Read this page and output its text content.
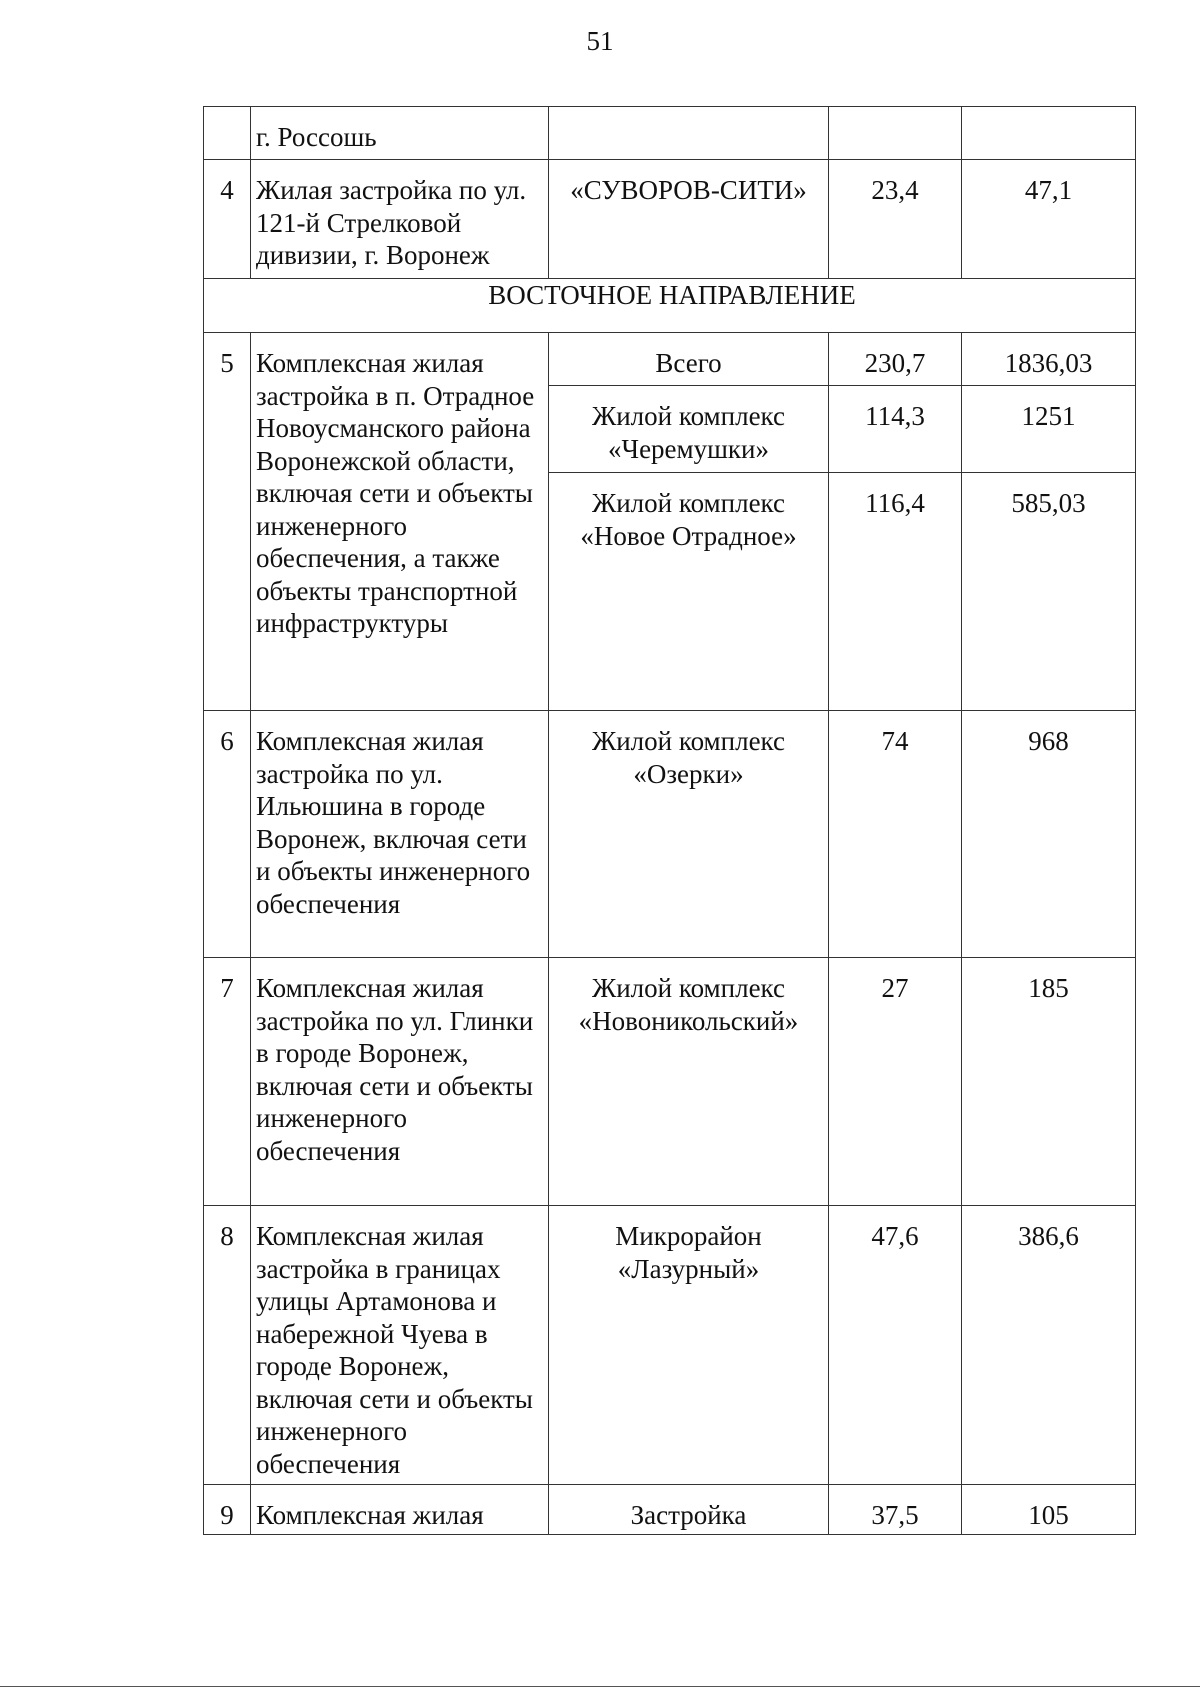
51
	г. Россошь			
4	Жилая застройка по ул. 121-й Стрелковой дивизии, г. Воронеж	«СУВОРОВ-СИТИ»	23,4	47,1
ВОСТОЧНОЕ НАПРАВЛЕНИЕ				
5	Комплексная жилая застройка в п. Отрадное Новоусманского района Воронежской области, включая сети и объекты инженерного обеспечения, а также объекты транспортной инфраструктуры	Всего	230,7	1836,03
		Жилой комплекс «Черемушки»	114,3	1251
		Жилой комплекс «Новое Отрадное»	116,4	585,03
6	Комплексная жилая застройка по ул. Ильюшина в городе Воронеж, включая сети и объекты инженерного обеспечения	Жилой комплекс «Озерки»	74	968
7	Комплексная жилая застройка по ул. Глинки в городе Воронеж, включая сети и объекты инженерного обеспечения	Жилой комплекс «Новоникольский»	27	185
8	Комплексная жилая застройка в границах улицы Артамонова и набережной Чуева в городе Воронеж, включая сети и объекты инженерного обеспечения	Микрорайон «Лазурный»	47,6	386,6
9	Комплексная жилая	Застройка	37,5	105
